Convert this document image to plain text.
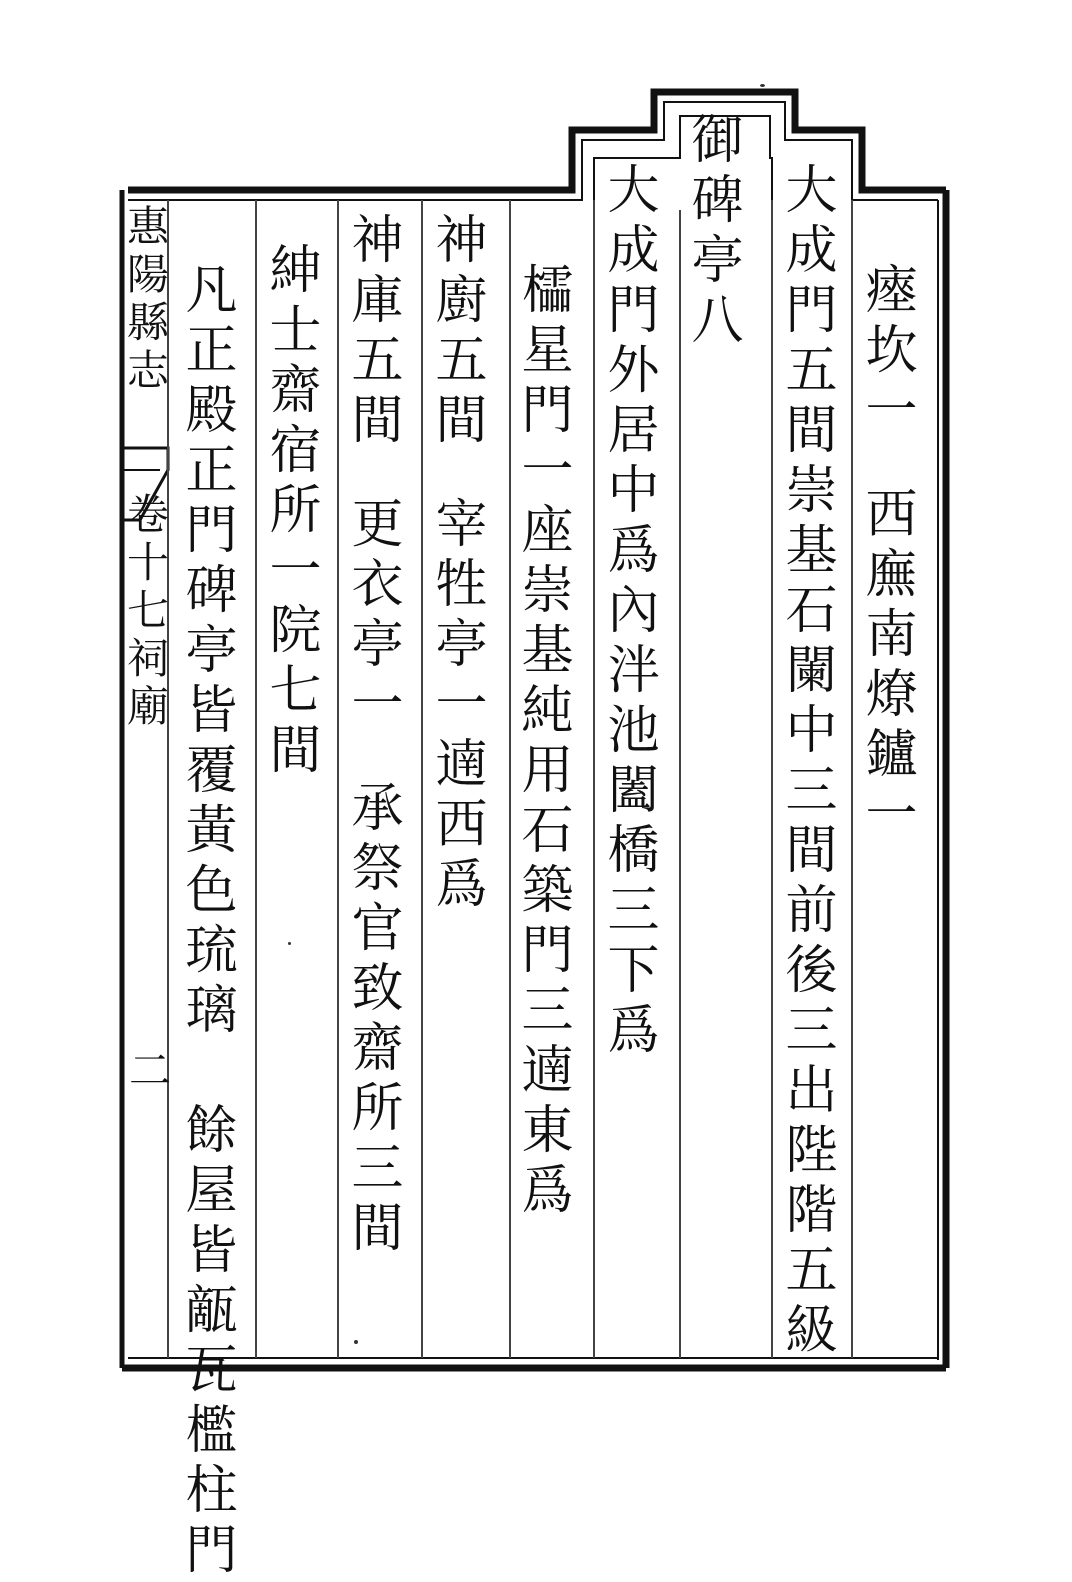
御碑亭八 瘞坎一西廡南燎鑪一
大成門五間崇基石闌中三間前後三出陛階五級
大成門外居中爲內泮池闔橋三下爲
櫺星門一座崇基純用石築門三遖東爲
神廚五間宰牲亭一遖西爲
神庫五間更衣亭一承祭官致齋所三間
紳士齋宿所一院七間
凡正殿正門碑亭皆覆黃色琉璃餘屋皆甋瓦檻柱門
惠陽縣志
卷十七祠廟
二
